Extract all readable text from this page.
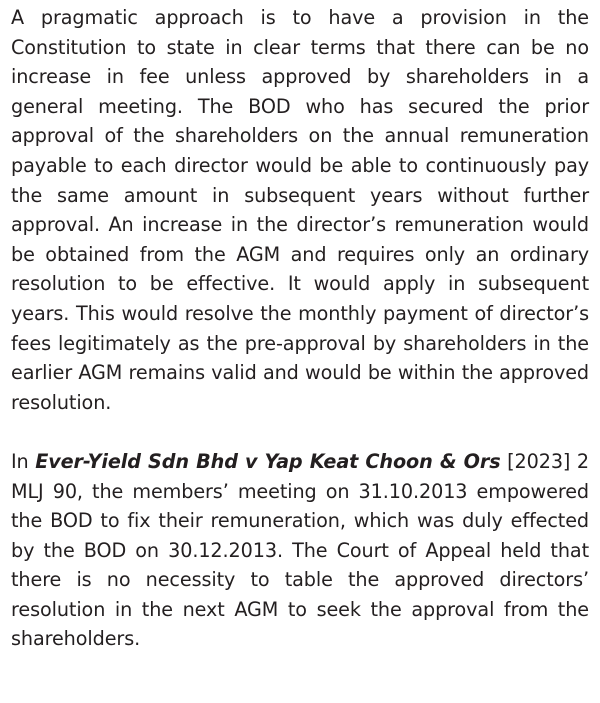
A pragmatic approach is to have a provision in the Constitution to state in clear terms that there can be no increase in fee unless approved by shareholders in a general meeting. The BOD who has secured the prior approval of the shareholders on the annual remuneration payable to each director would be able to continuously pay the same amount in subsequent years without further approval. An increase in the director’s remuneration would be obtained from the AGM and requires only an ordinary resolution to be effective. It would apply in subsequent years. This would resolve the monthly payment of director’s fees legitimately as the pre-approval by shareholders in the earlier AGM remains valid and would be within the approved resolution.

In Ever-Yield Sdn Bhd v Yap Keat Choon & Ors [2023] 2 MLJ 90, the members’ meeting on 31.10.2013 empowered the BOD to fix their remuneration, which was duly effected by the BOD on 30.12.2013. The Court of Appeal held that there is no necessity to table the approved directors’ resolution in the next AGM to seek the approval from the shareholders.
